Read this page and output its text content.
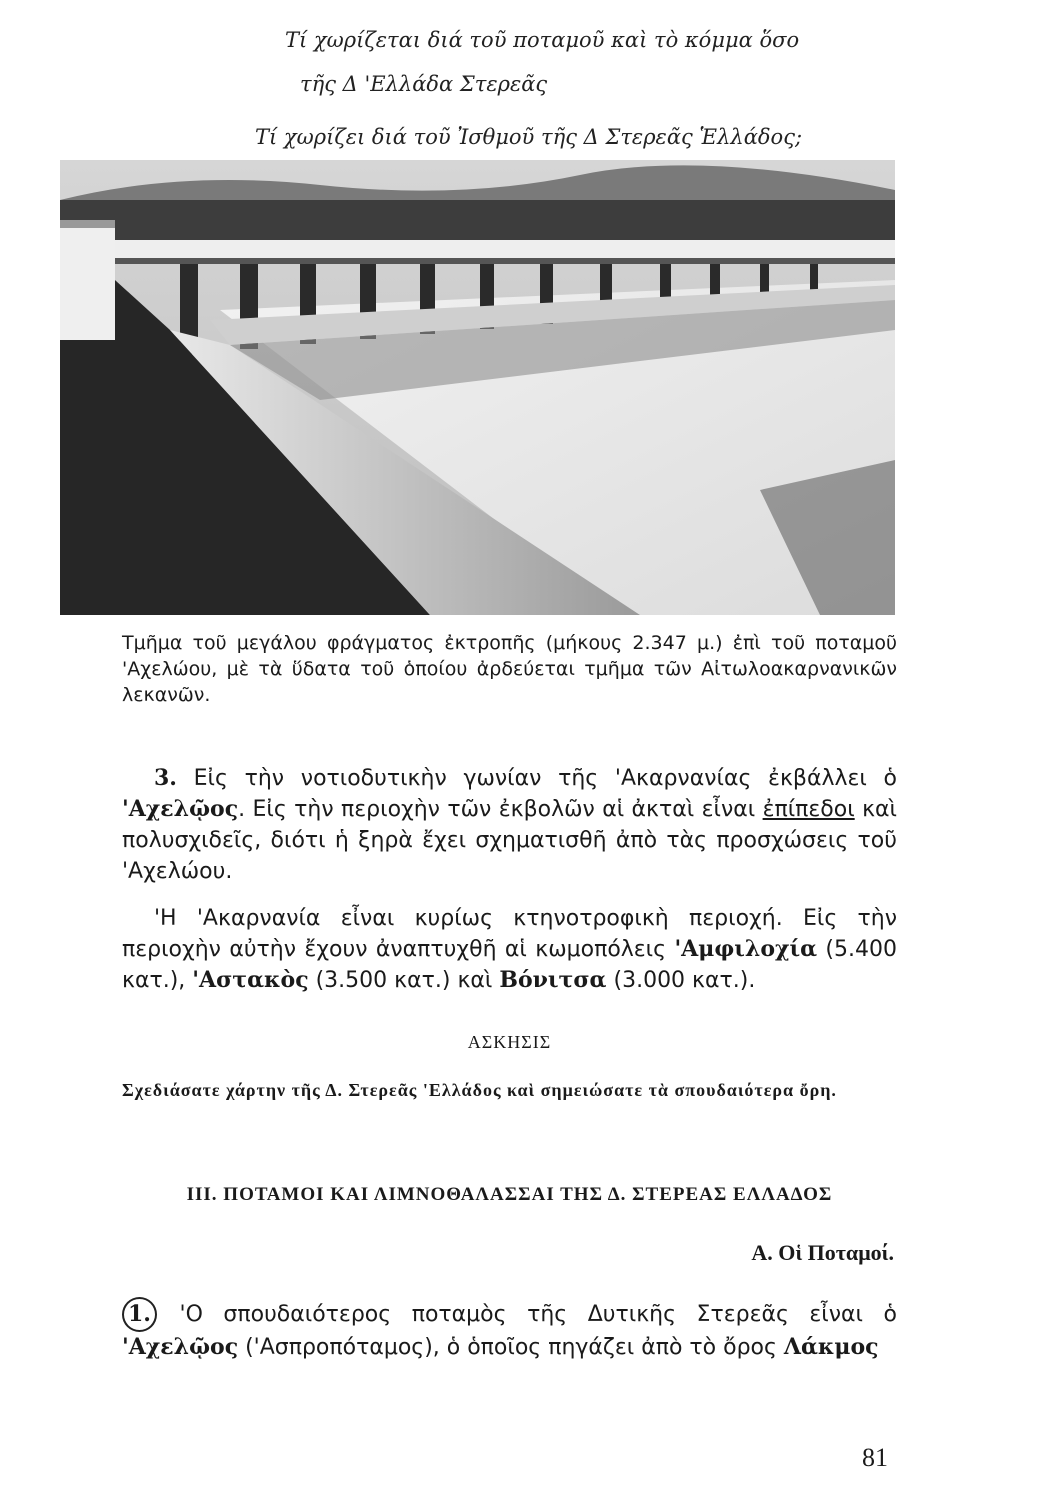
Τί χωρίζεται διά τοῦ ποταμοῦ καὶ τὸ κόμμα ὅσο
τῆς Δ 'Ελλάδα Στερεᾶς
Τί χωρίζει διά τοῦ Ἰσθμοῦ τῆς Δ Στερεᾶς Ἑλλάδος;
Τμῆμα τοῦ μεγάλου φράγματος ἐκτροπῆς (μήκους 2.347 μ.) ἐπὶ τοῦ ποταμοῦ 'Αχελώου, μὲ τὰ ὕδατα τοῦ ὁποίου ἀρδεύεται τμῆμα τῶν Αἰτωλοακαρνανικῶν λεκανῶν.

3. Εἰς τὴν νοτιοδυτικὴν γωνίαν τῆς 'Ακαρνανίας ἐκβάλλει ὁ 'Αχελῷος. Εἰς τὴν περιοχὴν τῶν ἐκβολῶν αἱ ἀκταὶ εἶναι ἐπίπεδοι καὶ πολυσχιδεῖς, διότι ἡ ξηρὰ ἔχει σχηματισθῆ ἀπὸ τὰς προσχώσεις τοῦ 'Αχελώου.

'Η 'Ακαρνανία εἶναι κυρίως κτηνοτροφικὴ περιοχή. Εἰς τὴν περιοχὴν αὐτὴν ἔχουν ἀναπτυχθῆ αἱ κωμοπόλεις 'Αμφιλοχία (5.400 κατ.), 'Αστακὸς (3.500 κατ.) καὶ Βόνιτσα (3.000 κατ.).

ΑΣΚΗΣΙΣ
Σχεδιάσατε χάρτην τῆς Δ. Στερεᾶς 'Ελλάδος καὶ σημειώσατε τὰ σπουδαιότερα ὄρη.
III. ΠΟΤΑΜΟΙ ΚΑΙ ΛΙΜΝΟΘΑΛΑΣΣΑΙ ΤΗΣ Δ. ΣΤΕΡΕΑΣ ΕΛΛΑΔΟΣ
Α. Οἱ Ποταμοί.

1. 'Ο σπουδαιότερος ποταμὸς τῆς Δυτικῆς Στερεᾶς εἶναι ὁ 'Αχελῷος ('Ασπροπόταμος), ὁ ὁποῖος πηγάζει ἀπὸ τὸ ὄρος Λάκμος

81
